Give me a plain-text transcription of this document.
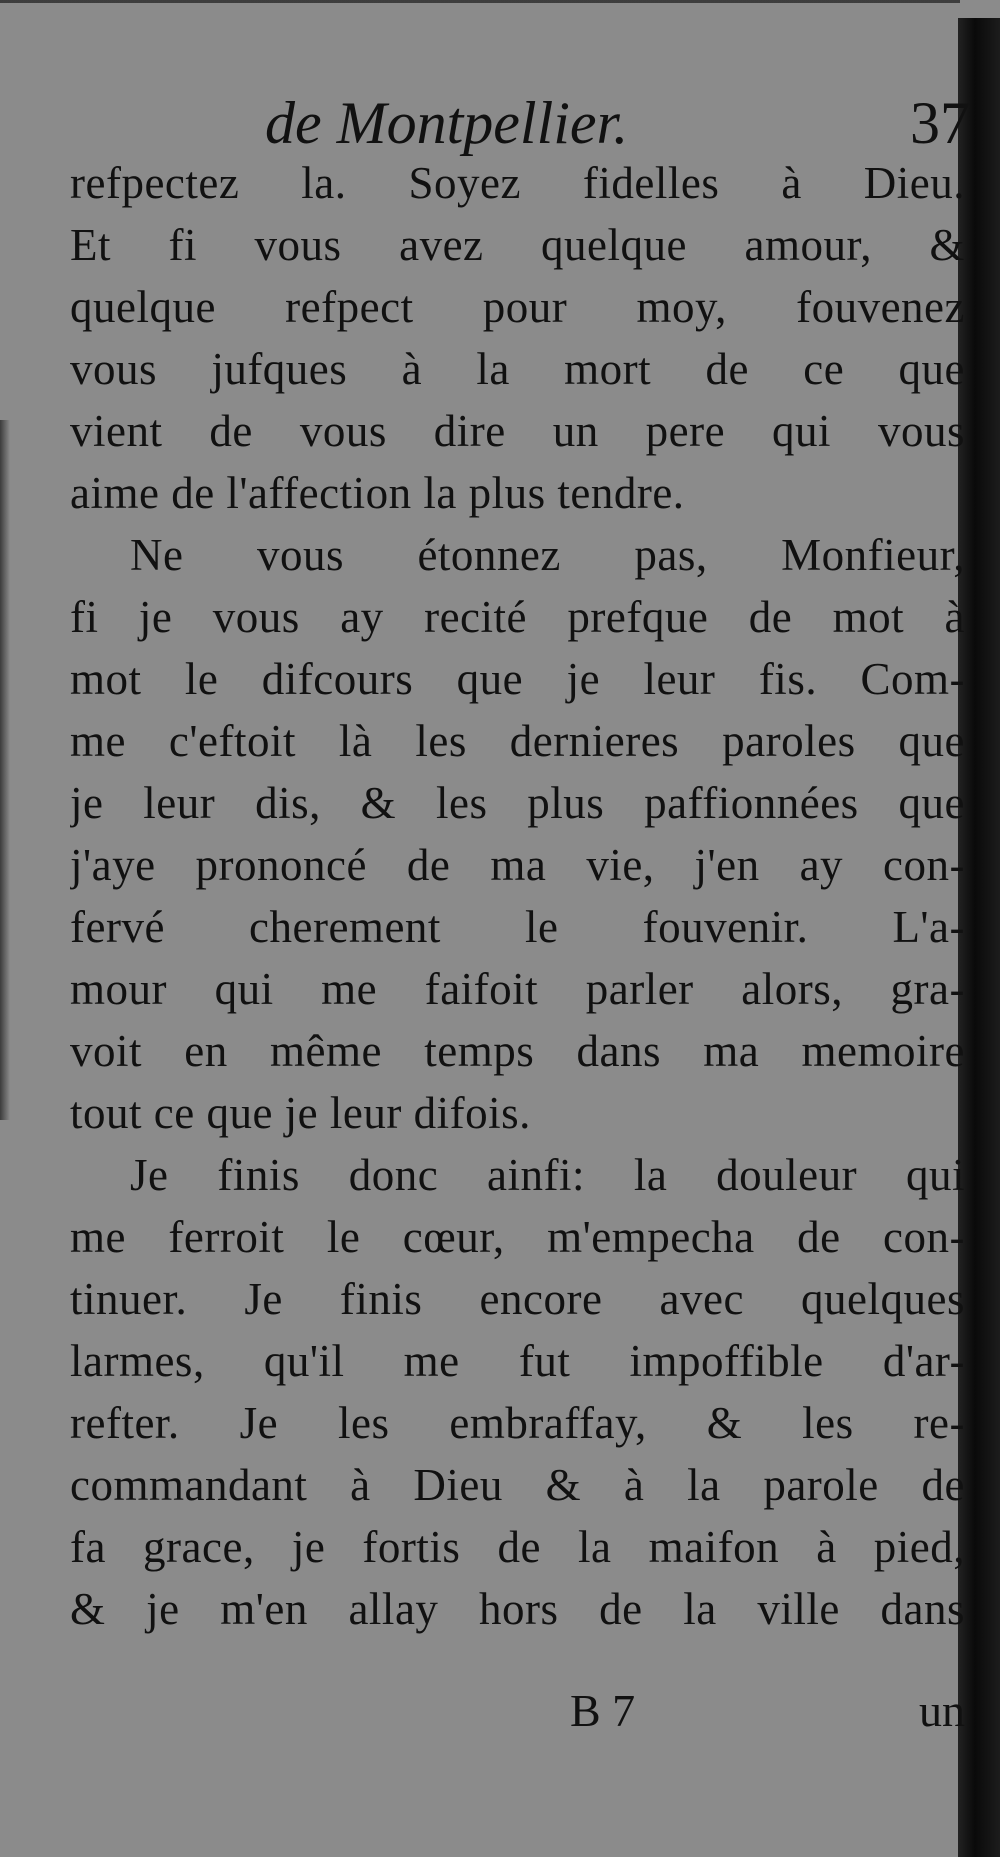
de Montpellier.	37
refpectez la. Soyez fidelles à Dieu.
Et fi vous avez quelque amour, &
quelque refpect pour moy, fouvenez
vous jufques à la mort de ce que
vient de vous dire un pere qui vous
aime de l'affection la plus tendre.
Ne vous étonnez pas, Monfieur,
fi je vous ay recité prefque de mot à
mot le difcours que je leur fis. Com-
me c'eftoit là les dernieres paroles que
je leur dis, & les plus paffionnées que
j'aye prononcé de ma vie, j'en ay con-
fervé cherement le fouvenir. L'a-
mour qui me faifoit parler alors, gra-
voit en même temps dans ma memoire
tout ce que je leur difois.
Je finis donc ainfi: la douleur qui
me ferroit le cœur, m'empecha de con-
tinuer. Je finis encore avec quelques
larmes, qu'il me fut impoffible d'ar-
refter. Je les embraffay, & les re-
commandant à Dieu & à la parole de
fa grace, je fortis de la maifon à pied,
& je m'en allay hors de la ville dans
B 7	un
